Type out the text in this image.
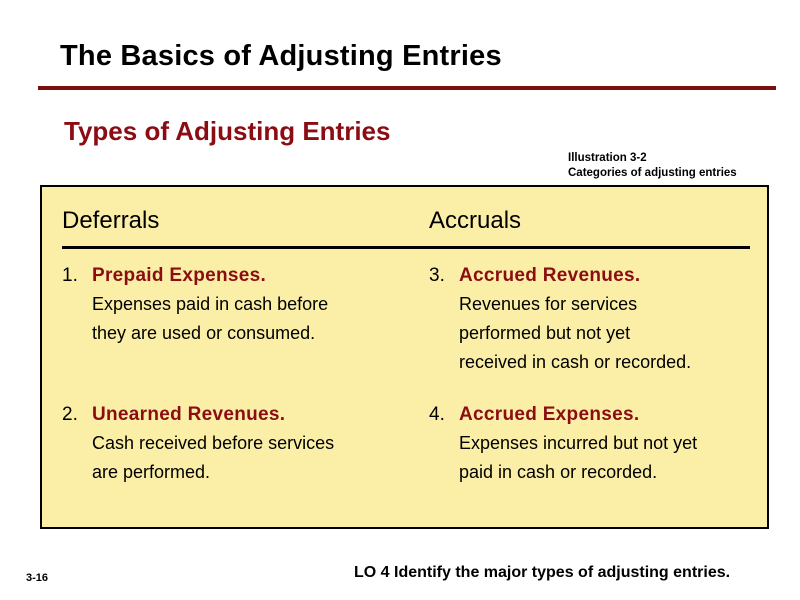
The Basics of Adjusting Entries
Types of Adjusting Entries
Illustration 3-2
Categories of adjusting entries
Deferrals	Accruals
1. Prepaid Expenses.
Expenses paid in cash before
they are used or consumed.
2. Unearned Revenues.
Cash received before services
are performed.
3. Accrued Revenues.
Revenues for services
performed but not yet
received in cash or recorded.
4. Accrued Expenses.
Expenses incurred but not yet
paid in cash or recorded.
LO 4 Identify the major types of adjusting entries.
3-16
